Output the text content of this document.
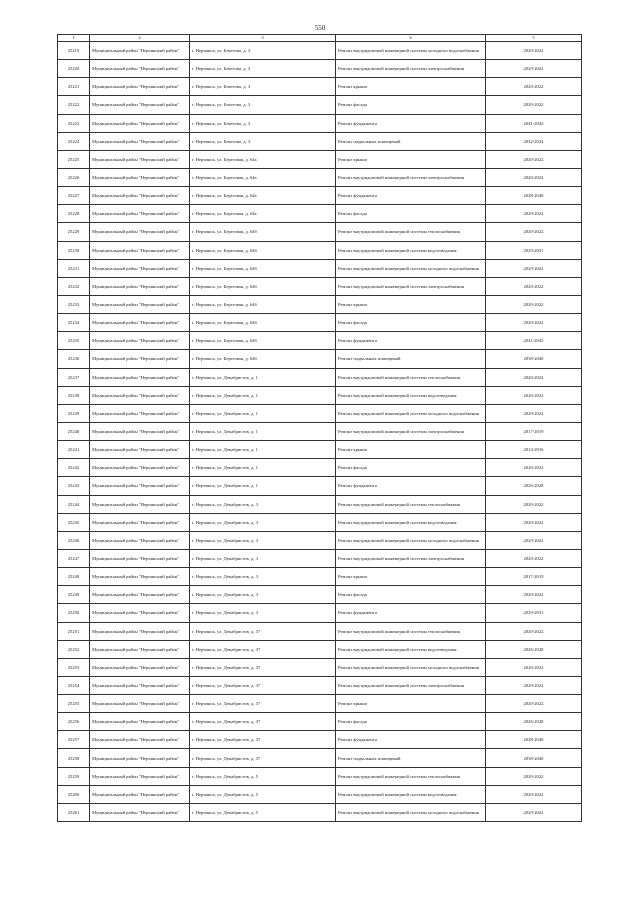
550
1	2	3	4	5
25219	Муниципальный район "Нерчинский район"	г. Нерчинск, ул. Бекетова, д. 3	Ремонт внутридомовой инженерной системы холодного водоснабжения	2020-2022
25220	Муниципальный район "Нерчинский район"	г. Нерчинск, ул. Бекетова, д. 3	Ремонт внутридомовой инженерной системы электроснабжения	2020-2022
25221	Муниципальный район "Нерчинский район"	г. Нерчинск, ул. Бекетова, д. 3	Ремонт крыши	2020-2022
25222	Муниципальный район "Нерчинский район"	г. Нерчинск, ул. Бекетова, д. 3	Ремонт фасада	2020-2022
25223	Муниципальный район "Нерчинский район"	г. Нерчинск, ул. Бекетова, д. 3	Ремонт фундамента	2041-2043
25224	Муниципальный район "Нерчинский район"	г. Нерчинск, ул. Бекетова, д. 3	Ремонт подвальных помещений	2032-2034
25225	Муниципальный район "Нерчинский район"	г. Нерчинск, ул. Береговая, д. 64а	Ремонт крыши	2020-2022
25226	Муниципальный район "Нерчинский район"	г. Нерчинск, ул. Береговая, д. 64а	Ремонт внутридомовой инженерной системы электроснабжения	2020-2022
25227	Муниципальный район "Нерчинский район"	г. Нерчинск, ул. Береговая, д. 64а	Ремонт фундамента	2038-2040
25228	Муниципальный район "Нерчинский район"	г. Нерчинск, ул. Береговая, д. 64а	Ремонт фасада	2020-2022
25229	Муниципальный район "Нерчинский район"	г. Нерчинск, ул. Береговая, д. 64б	Ремонт внутридомовой инженерной системы теплоснабжения	2020-2022
25230	Муниципальный район "Нерчинский район"	г. Нерчинск, ул. Береговая, д. 64б	Ремонт внутридомовой инженерной системы водоотведения	2029-2031
25231	Муниципальный район "Нерчинский район"	г. Нерчинск, ул. Береговая, д. 64б	Ремонт внутридомовой инженерной системы холодного водоснабжения	2020-2022
25232	Муниципальный район "Нерчинский район"	г. Нерчинск, ул. Береговая, д. 64б	Ремонт внутридомовой инженерной системы электроснабжения	2020-2022
25233	Муниципальный район "Нерчинский район"	г. Нерчинск, ул. Береговая, д. 64б	Ремонт крыши	2020-2022
25234	Муниципальный район "Нерчинский район"	г. Нерчинск, ул. Береговая, д. 64б	Ремонт фасада	2020-2022
25235	Муниципальный район "Нерчинский район"	г. Нерчинск, ул. Береговая, д. 64б	Ремонт фундамента	2041-2043
25236	Муниципальный район "Нерчинский район"	г. Нерчинск, ул. Береговая, д. 64б	Ремонт подвальных помещений	2038-2040
25237	Муниципальный район "Нерчинский район"	г. Нерчинск, ул. Декабристов, д. 1	Ремонт внутридомовой инженерной системы теплоснабжения	2020-2022
25238	Муниципальный район "Нерчинский район"	г. Нерчинск, ул. Декабристов, д. 1	Ремонт внутридомовой инженерной системы водоотведения	2020-2022
25239	Муниципальный район "Нерчинский район"	г. Нерчинск, ул. Декабристов, д. 1	Ремонт внутридомовой инженерной системы холодного водоснабжения	2020-2022
25240	Муниципальный район "Нерчинский район"	г. Нерчинск, ул. Декабристов, д. 1	Ремонт внутридомовой инженерной системы электроснабжения	2017-2019
25241	Муниципальный район "Нерчинский район"	г. Нерчинск, ул. Декабристов, д. 1	Ремонт крыши	2014-2016
25242	Муниципальный район "Нерчинский район"	г. Нерчинск, ул. Декабристов, д. 1	Ремонт фасада	2020-2022
25243	Муниципальный район "Нерчинский район"	г. Нерчинск, ул. Декабристов, д. 1	Ремонт фундамента	2026-2028
25244	Муниципальный район "Нерчинский район"	г. Нерчинск, ул. Декабристов, д. 3	Ремонт внутридомовой инженерной системы теплоснабжения	2020-2022
25245	Муниципальный район "Нерчинский район"	г. Нерчинск, ул. Декабристов, д. 3	Ремонт внутридомовой инженерной системы водоотведения	2020-2022
25246	Муниципальный район "Нерчинский район"	г. Нерчинск, ул. Декабристов, д. 3	Ремонт внутридомовой инженерной системы холодного водоснабжения	2020-2022
25247	Муниципальный район "Нерчинский район"	г. Нерчинск, ул. Декабристов, д. 3	Ремонт внутридомовой инженерной системы электроснабжения	2020-2022
25248	Муниципальный район "Нерчинский район"	г. Нерчинск, ул. Декабристов, д. 3	Ремонт крыши	2017-2019
25249	Муниципальный район "Нерчинский район"	г. Нерчинск, ул. Декабристов, д. 3	Ремонт фасада	2020-2022
25250	Муниципальный район "Нерчинский район"	г. Нерчинск, ул. Декабристов, д. 3	Ремонт фундамента	2029-2031
25251	Муниципальный район "Нерчинский район"	г. Нерчинск, ул. Декабристов, д. 37	Ремонт внутридомовой инженерной системы теплоснабжения	2020-2022
25252	Муниципальный район "Нерчинский район"	г. Нерчинск, ул. Декабристов, д. 37	Ремонт внутридомовой инженерной системы водоотведения	2026-2028
25253	Муниципальный район "Нерчинский район"	г. Нерчинск, ул. Декабристов, д. 37	Ремонт внутридомовой инженерной системы холодного водоснабжения	2020-2022
25254	Муниципальный район "Нерчинский район"	г. Нерчинск, ул. Декабристов, д. 37	Ремонт внутридомовой инженерной системы электроснабжения	2020-2022
25255	Муниципальный район "Нерчинский район"	г. Нерчинск, ул. Декабристов, д. 37	Ремонт крыши	2020-2022
25256	Муниципальный район "Нерчинский район"	г. Нерчинск, ул. Декабристов, д. 37	Ремонт фасада	2026-2028
25257	Муниципальный район "Нерчинский район"	г. Нерчинск, ул. Декабристов, д. 37	Ремонт фундамента	2038-2040
25258	Муниципальный район "Нерчинский район"	г. Нерчинск, ул. Декабристов, д. 37	Ремонт подвальных помещений	2038-2040
25259	Муниципальный район "Нерчинский район"	г. Нерчинск, ул. Декабристов, д. 5	Ремонт внутридомовой инженерной системы теплоснабжения	2020-2022
25260	Муниципальный район "Нерчинский район"	г. Нерчинск, ул. Декабристов, д. 5	Ремонт внутридомовой инженерной системы водоотведения	2020-2022
25261	Муниципальный район "Нерчинский район"	г. Нерчинск, ул. Декабристов, д. 5	Ремонт внутридомовой инженерной системы холодного водоснабжения	2020-2022
